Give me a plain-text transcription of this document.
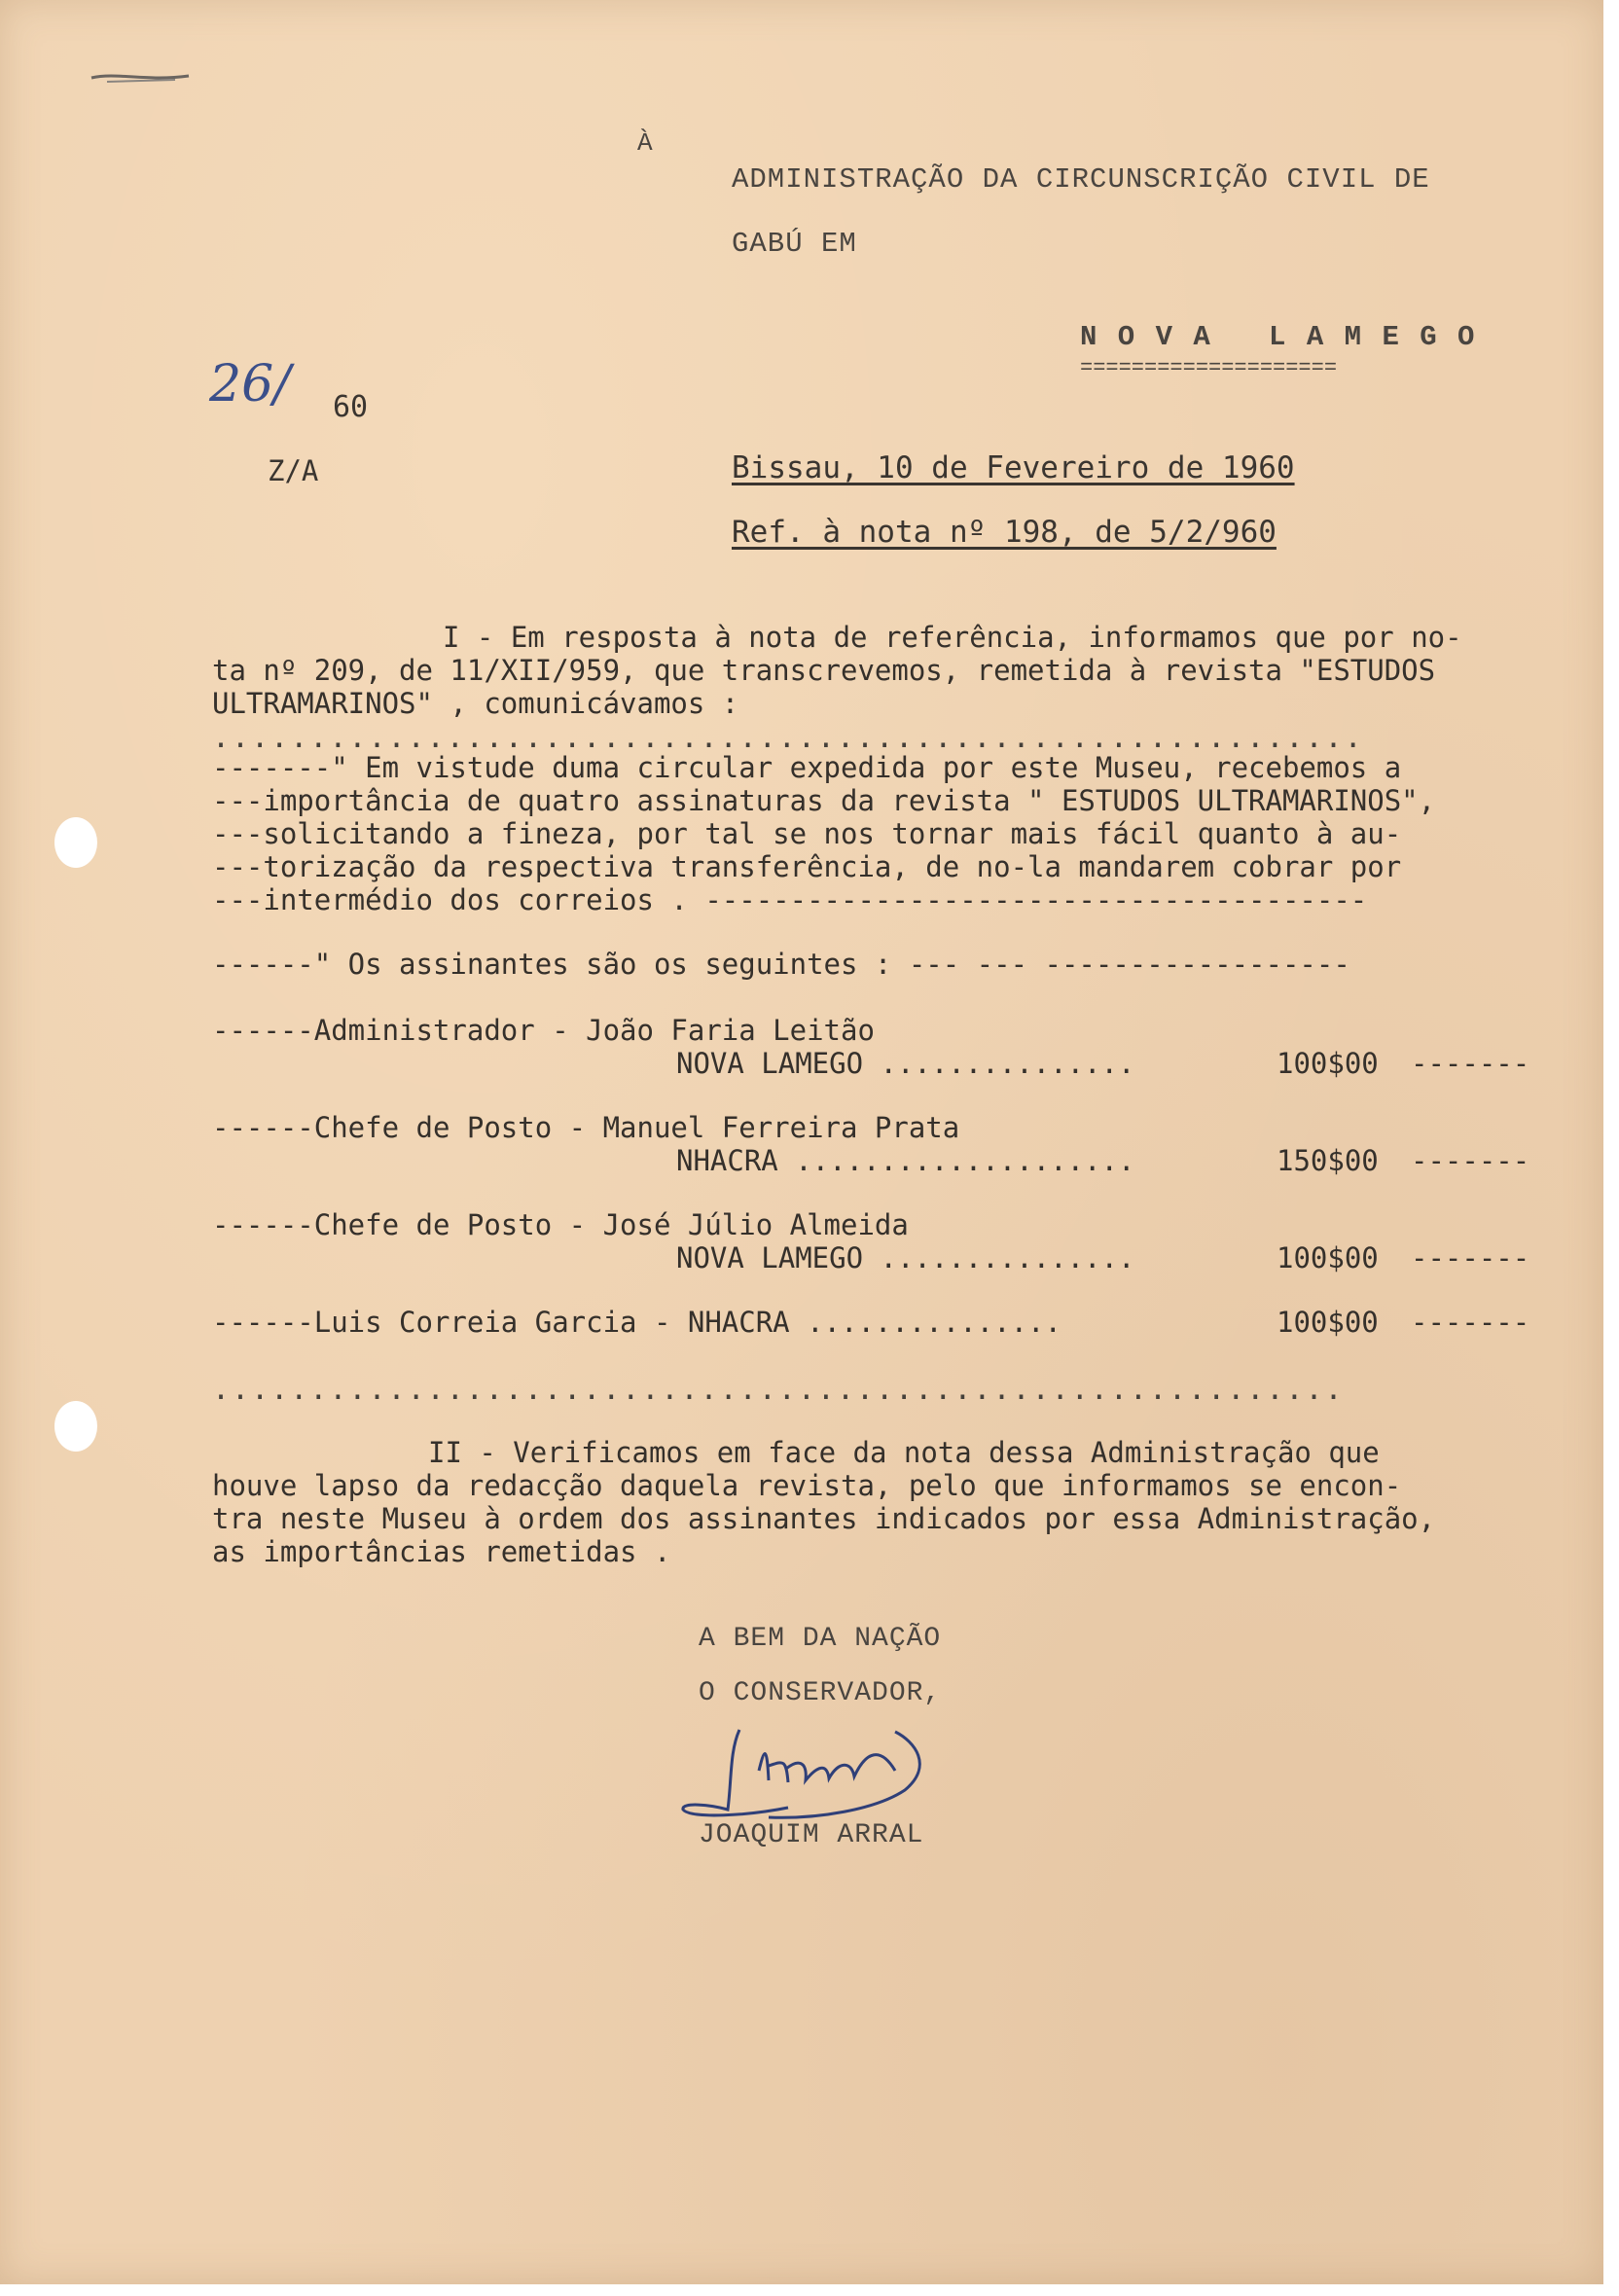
À
ADMINISTRAÇÃO DA CIRCUNSCRIÇÃO CIVIL DE
GABÚ EM
N O V A   L A M E G O
====================
26/ 60
Z/A	Bissau, 10 de Fevereiro de 1960
Ref. à nota nº 198, de 5/2/960
I - Em resposta à nota de referência, informamos que por no-
ta nº 209, de 11/XII/959, que transcrevemos, remetida à revista "ESTUDOS
ULTRAMARINOS" , comunicávamos :
...........................................................
-------" Em vistude duma circular expedida por este Museu, recebemos a
---importância de quatro assinaturas da revista " ESTUDOS ULTRAMARINOS",
---solicitando a fineza, por tal se nos tornar mais fácil quanto à au-
---torização da respectiva transferência, de no-la mandarem cobrar por
---intermédio dos correios . ---------------------------------------
------" Os assinantes são os seguintes : --- --- ------------------
------Administrador - João Faria Leitão
NOVA LAMEGO ...............	100$00 -------
------Chefe de Posto - Manuel Ferreira Prata
NHACRA ....................	150$00 -------
------Chefe de Posto - José Júlio Almeida
NOVA LAMEGO ...............	100$00 -------
------Luis Correia Garcia - NHACRA ...............	100$00 -------
..........................................................
II - Verificamos em face da nota dessa Administração que
houve lapso da redacção daquela revista, pelo que informamos se encon-
tra neste Museu à ordem dos assinantes indicados por essa Administração,
as importâncias remetidas .
A BEM DA NAÇÃO
O CONSERVADOR,
JOAQUIM ARRAL
